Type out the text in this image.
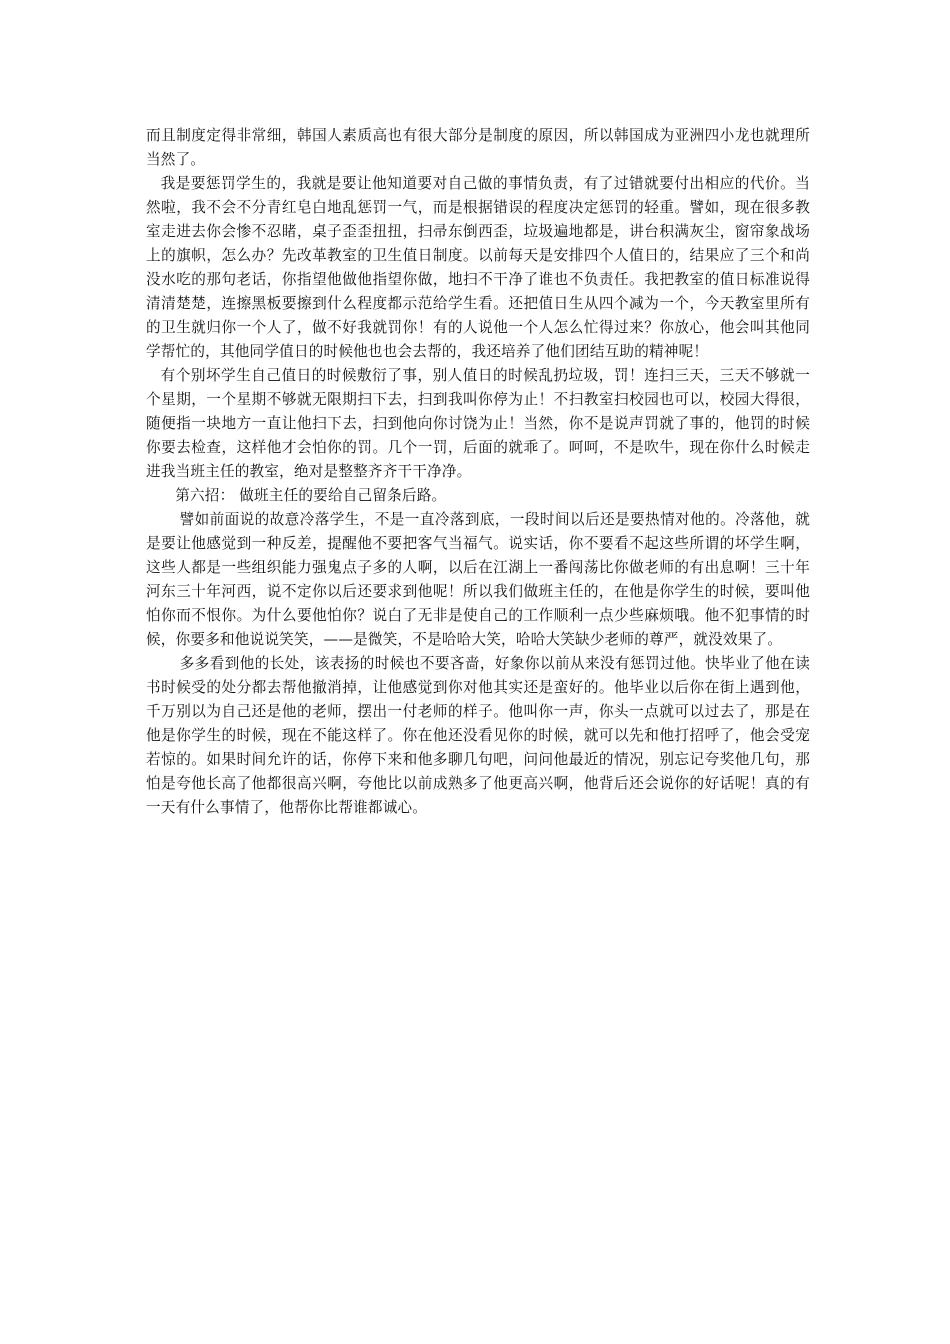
而且制度定得非常细，韩国人素质高也有很大部分是制度的原因，所以韩国成为亚洲四小龙也就理所当然了。

我是要惩罚学生的，我就是要让他知道要对自己做的事情负责，有了过错就要付出相应的代价。当然啦，我不会不分青红皂白地乱惩罚一气，而是根据错误的程度决定惩罚的轻重。譬如，现在很多教室走进去你会惨不忍睹，桌子歪歪扭扭，扫帚东倒西歪，垃圾遍地都是，讲台积满灰尘，窗帘象战场上的旗帜，怎么办？先改革教室的卫生值日制度。以前每天是安排四个人值日的，结果应了三个和尚没水吃的那句老话，你指望他做他指望你做，地扫不干净了谁也不负责任。我把教室的值日标准说得清清楚楚，连擦黑板要擦到什么程度都示范给学生看。还把值日生从四个减为一个，今天教室里所有的卫生就归你一个人了，做不好我就罚你！有的人说他一个人怎么忙得过来？你放心，他会叫其他同学帮忙的，其他同学值日的时候他也也会去帮的，我还培养了他们团结互助的精神呢！

有个别坏学生自己值日的时候敷衍了事，别人值日的时候乱扔垃圾，罚！连扫三天，三天不够就一个星期，一个星期不够就无限期扫下去，扫到我叫你停为止！不扫教室扫校园也可以，校园大得很，随便指一块地方一直让他扫下去，扫到他向你讨饶为止！当然，你不是说声罚就了事的，他罚的时候你要去检查，这样他才会怕你的罚。几个一罚，后面的就乖了。呵呵，不是吹牛，现在你什么时候走进我当班主任的教室，绝对是整整齐齐干干净净。

第六招： 做班主任的要给自己留条后路。

譬如前面说的故意冷落学生，不是一直冷落到底，一段时间以后还是要热情对他的。冷落他，就是要让他感觉到一种反差，提醒他不要把客气当福气。说实话，你不要看不起这些所谓的坏学生啊，这些人都是一些组织能力强鬼点子多的人啊，以后在江湖上一番闯荡比你做老师的有出息啊！三十年河东三十年河西，说不定你以后还要求到他呢！所以我们做班主任的，在他是你学生的时候，要叫他怕你而不恨你。为什么要他怕你？说白了无非是使自己的工作顺利一点少些麻烦哦。他不犯事情的时候，你要多和他说说笑笑，——是微笑，不是哈哈大笑，哈哈大笑缺少老师的尊严，就没效果了。

多多看到他的长处，该表扬的时候也不要吝啬，好象你以前从来没有惩罚过他。快毕业了他在读书时候受的处分都去帮他撤消掉，让他感觉到你对他其实还是蛮好的。他毕业以后你在街上遇到他，千万别以为自己还是他的老师，摆出一付老师的样子。他叫你一声，你头一点就可以过去了，那是在他是你学生的时候，现在不能这样了。你在他还没看见你的时候，就可以先和他打招呼了，他会受宠若惊的。如果时间允许的话，你停下来和他多聊几句吧，问问他最近的情况，别忘记夸奖他几句，那怕是夸他长高了他都很高兴啊，夸他比以前成熟多了他更高兴啊，他背后还会说你的好话呢！真的有一天有什么事情了，他帮你比帮谁都诚心。
